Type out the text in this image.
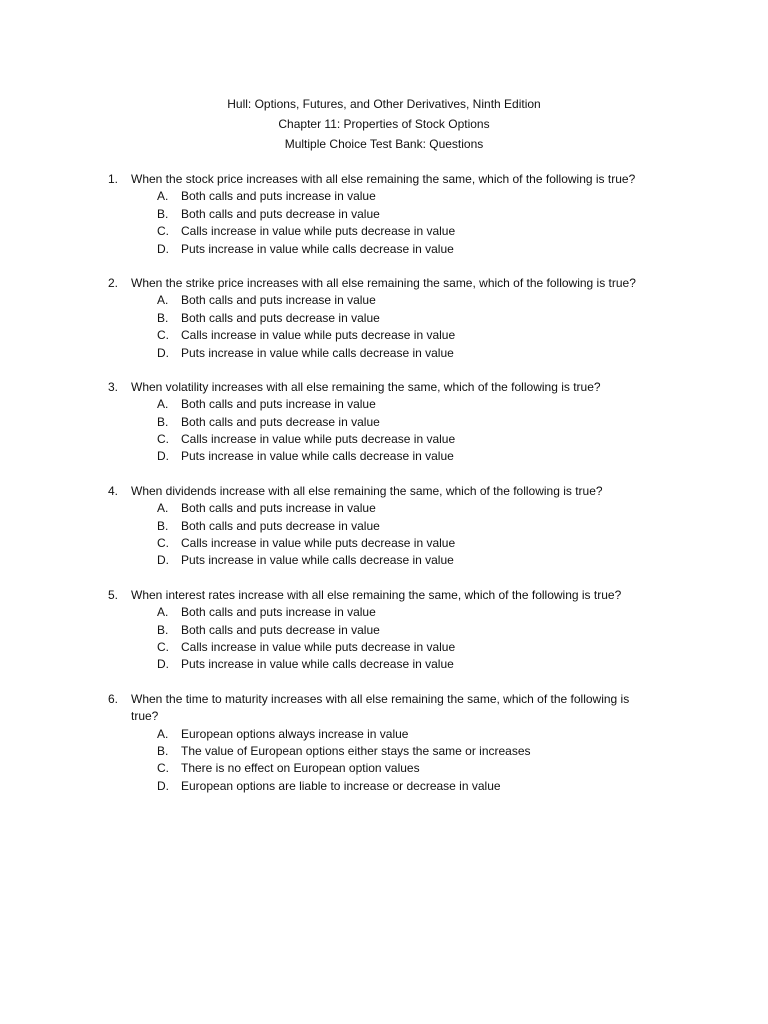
Hull: Options, Futures, and Other Derivatives, Ninth Edition
Chapter 11: Properties of Stock Options
Multiple Choice Test Bank: Questions
1. When the stock price increases with all else remaining the same, which of the following is true?
A. Both calls and puts increase in value
B. Both calls and puts decrease in value
C. Calls increase in value while puts decrease in value
D. Puts increase in value while calls decrease in value
2. When the strike price increases with all else remaining the same, which of the following is true?
A. Both calls and puts increase in value
B. Both calls and puts decrease in value
C. Calls increase in value while puts decrease in value
D. Puts increase in value while calls decrease in value
3. When volatility increases with all else remaining the same, which of the following is true?
A. Both calls and puts increase in value
B. Both calls and puts decrease in value
C. Calls increase in value while puts decrease in value
D. Puts increase in value while calls decrease in value
4. When dividends increase with all else remaining the same, which of the following is true?
A. Both calls and puts increase in value
B. Both calls and puts decrease in value
C. Calls increase in value while puts decrease in value
D. Puts increase in value while calls decrease in value
5. When interest rates increase with all else remaining the same, which of the following is true?
A. Both calls and puts increase in value
B. Both calls and puts decrease in value
C. Calls increase in value while puts decrease in value
D. Puts increase in value while calls decrease in value
6. When the time to maturity increases with all else remaining the same, which of the following is
true?
A. European options always increase in value
B. The value of European options either stays the same or increases
C. There is no effect on European option values
D. European options are liable to increase or decrease in value
